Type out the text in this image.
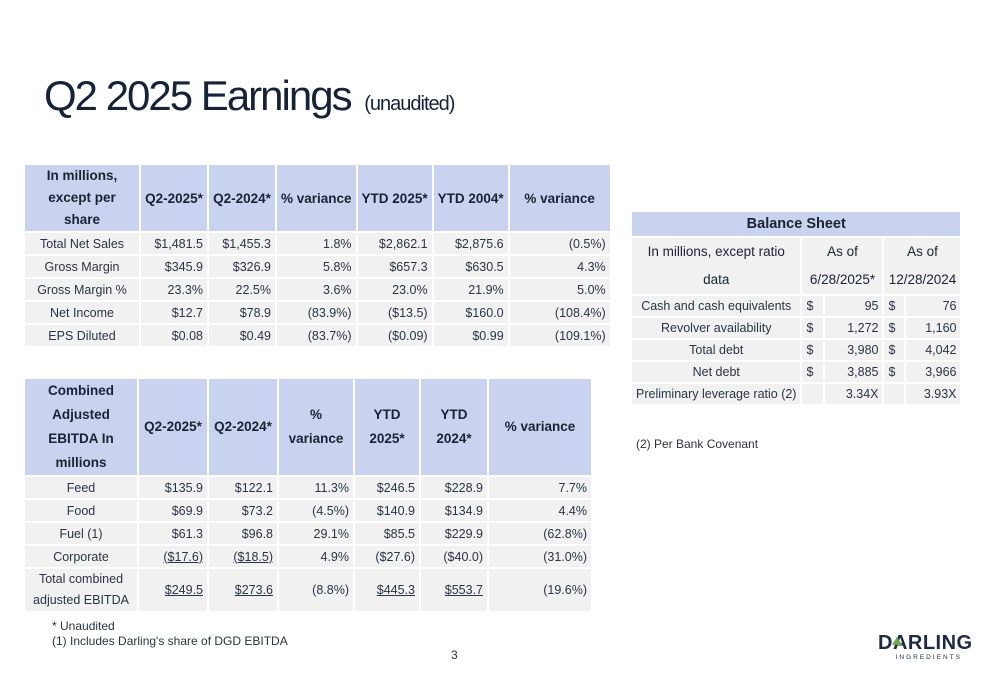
Q2 2025 Earnings (unaudited)
In millions, except per share	Q2-2025*	Q2-2024*	% variance	YTD 2025*	YTD 2004*	% variance
Total Net Sales	$1,481.5	$1,455.3	1.8%	$2,862.1	$2,875.6	(0.5%)
Gross Margin	$345.9	$326.9	5.8%	$657.3	$630.5	4.3%
Gross Margin %	23.3%	22.5%	3.6%	23.0%	21.9%	5.0%
Net Income	$12.7	$78.9	(83.9%)	($13.5)	$160.0	(108.4%)
EPS Diluted	$0.08	$0.49	(83.7%)	($0.09)	$0.99	(109.1%)
Combined Adjusted EBITDA In millions	Q2-2025*	Q2-2024*	% variance	YTD 2025*	YTD 2024*	% variance
Feed	$135.9	$122.1	11.3%	$246.5	$228.9	7.7%
Food	$69.9	$73.2	(4.5%)	$140.9	$134.9	4.4%
Fuel (1)	$61.3	$96.8	29.1%	$85.5	$229.9	(62.8%)
Corporate	($17.6)	($18.5)	4.9%	($27.6)	($40.0)	(31.0%)
Total combined adjusted EBITDA	$249.5	$273.6	(8.8%)	$445.3	$553.7	(19.6%)
Balance Sheet				
In millions, except ratio data	As of 6/28/2025*		As of 12/28/2024	
Cash and cash equivalents	$	95	$	76
Revolver availability	$	1,272	$	1,160
Total debt	$	3,980	$	4,042
Net debt	$	3,885	$	3,966
Preliminary leverage ratio (2)		3.34X		3.93X
(2) Per Bank Covenant
* Unaudited
(1) Includes Darling's share of DGD EBITDA
3
DARLING
INGREDIENTS
